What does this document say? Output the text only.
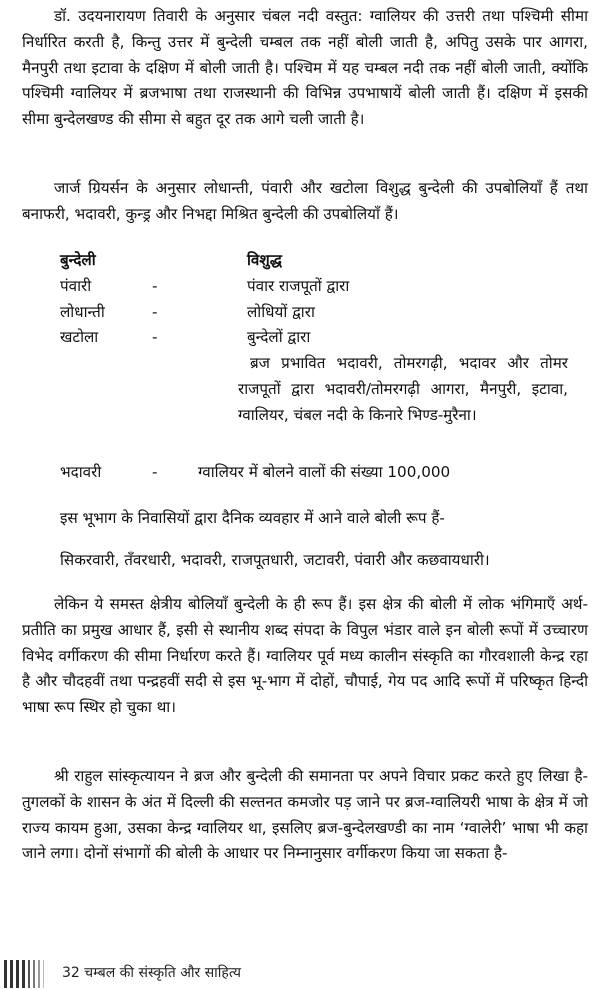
डॉ. उदयनारायण तिवारी के अनुसार चंबल नदी वस्तुत: ग्वालियर की उत्तरी तथा पश्चिमी सीमा निर्धारित करती है, किन्तु उत्तर में बुन्देली चम्बल तक नहीं बोली जाती है, अपितु उसके पार आगरा, मैनपुरी तथा इटावा के दक्षिण में बोली जाती है। पश्चिम में यह चम्बल नदी तक नहीं बोली जाती, क्योंकि पश्चिमी ग्वालियर में ब्रजभाषा तथा राजस्थानी की विभिन्न उपभाषायें बोली जाती हैं। दक्षिण में इसकी सीमा बुन्देलखण्ड की सीमा से बहुत दूर तक आगे चली जाती है।

जार्ज ग्रियर्सन के अनुसार लोधान्ती, पंवारी और खटोला विशुद्ध बुन्देली की उपबोलियाँ हैं तथा बनाफरी, भदावरी, कुन्ड्र और निभद्दा मिश्रित बुन्देली की उपबोलियाँ हैं।

बुन्देली	विशुद्ध
पंवारी	-	पंवार राजपूतों द्वारा
लोधान्ती	-	लोधियों द्वारा
खटोला	-	बुन्देलों द्वारा
ब्रज प्रभावित भदावरी, तोमरगढ़ी, भदावर और तोमर
राजपूतों द्वारा भदावरी/तोमरगढ़ी आगरा, मैनपुरी, इटावा,
ग्वालियर, चंबल नदी के किनारे भिण्ड-मुरैना।
भदावरी	-	ग्वालियर में बोलने वालों की संख्या 100,000

इस भूभाग के निवासियों द्वारा दैनिक व्यवहार में आने वाले बोली रूप हैं-

सिकरवारी, तँवरधारी, भदावरी, राजपूतधारी, जटावरी, पंवारी और कछवायधारी।

लेकिन ये समस्त क्षेत्रीय बोलियाँ बुन्देली के ही रूप हैं। इस क्षेत्र की बोली में लोक भंगिमाएँ अर्थ-प्रतीति का प्रमुख आधार हैं, इसी से स्थानीय शब्द संपदा के विपुल भंडार वाले इन बोली रूपों में उच्चारण विभेद वर्गीकरण की सीमा निर्धारण करते हैं। ग्वालियर पूर्व मध्य कालीन संस्कृति का गौरवशाली केन्द्र रहा है और चौदहवीं तथा पन्द्रहवीं सदी से इस भू-भाग में दोहों, चौपाई, गेय पद आदि रूपों में परिष्कृत हिन्दी भाषा रूप स्थिर हो चुका था।

श्री राहुल सांस्कृत्यायन ने ब्रज और बुन्देली की समानता पर अपने विचार प्रकट करते हुए लिखा है- तुगलकों के शासन के अंत में दिल्ली की सल्तनत कमजोर पड़ जाने पर ब्रज-ग्वालियरी भाषा के क्षेत्र में जो राज्य कायम हुआ, उसका केन्द्र ग्वालियर था, इसलिए ब्रज-बुन्देलखण्डी का नाम ‘ग्वालेरी’ भाषा भी कहा जाने लगा। दोनों संभागों की बोली के आधार पर निम्नानुसार वर्गीकरण किया जा सकता है-

32 चम्बल की संस्कृति और साहित्य
